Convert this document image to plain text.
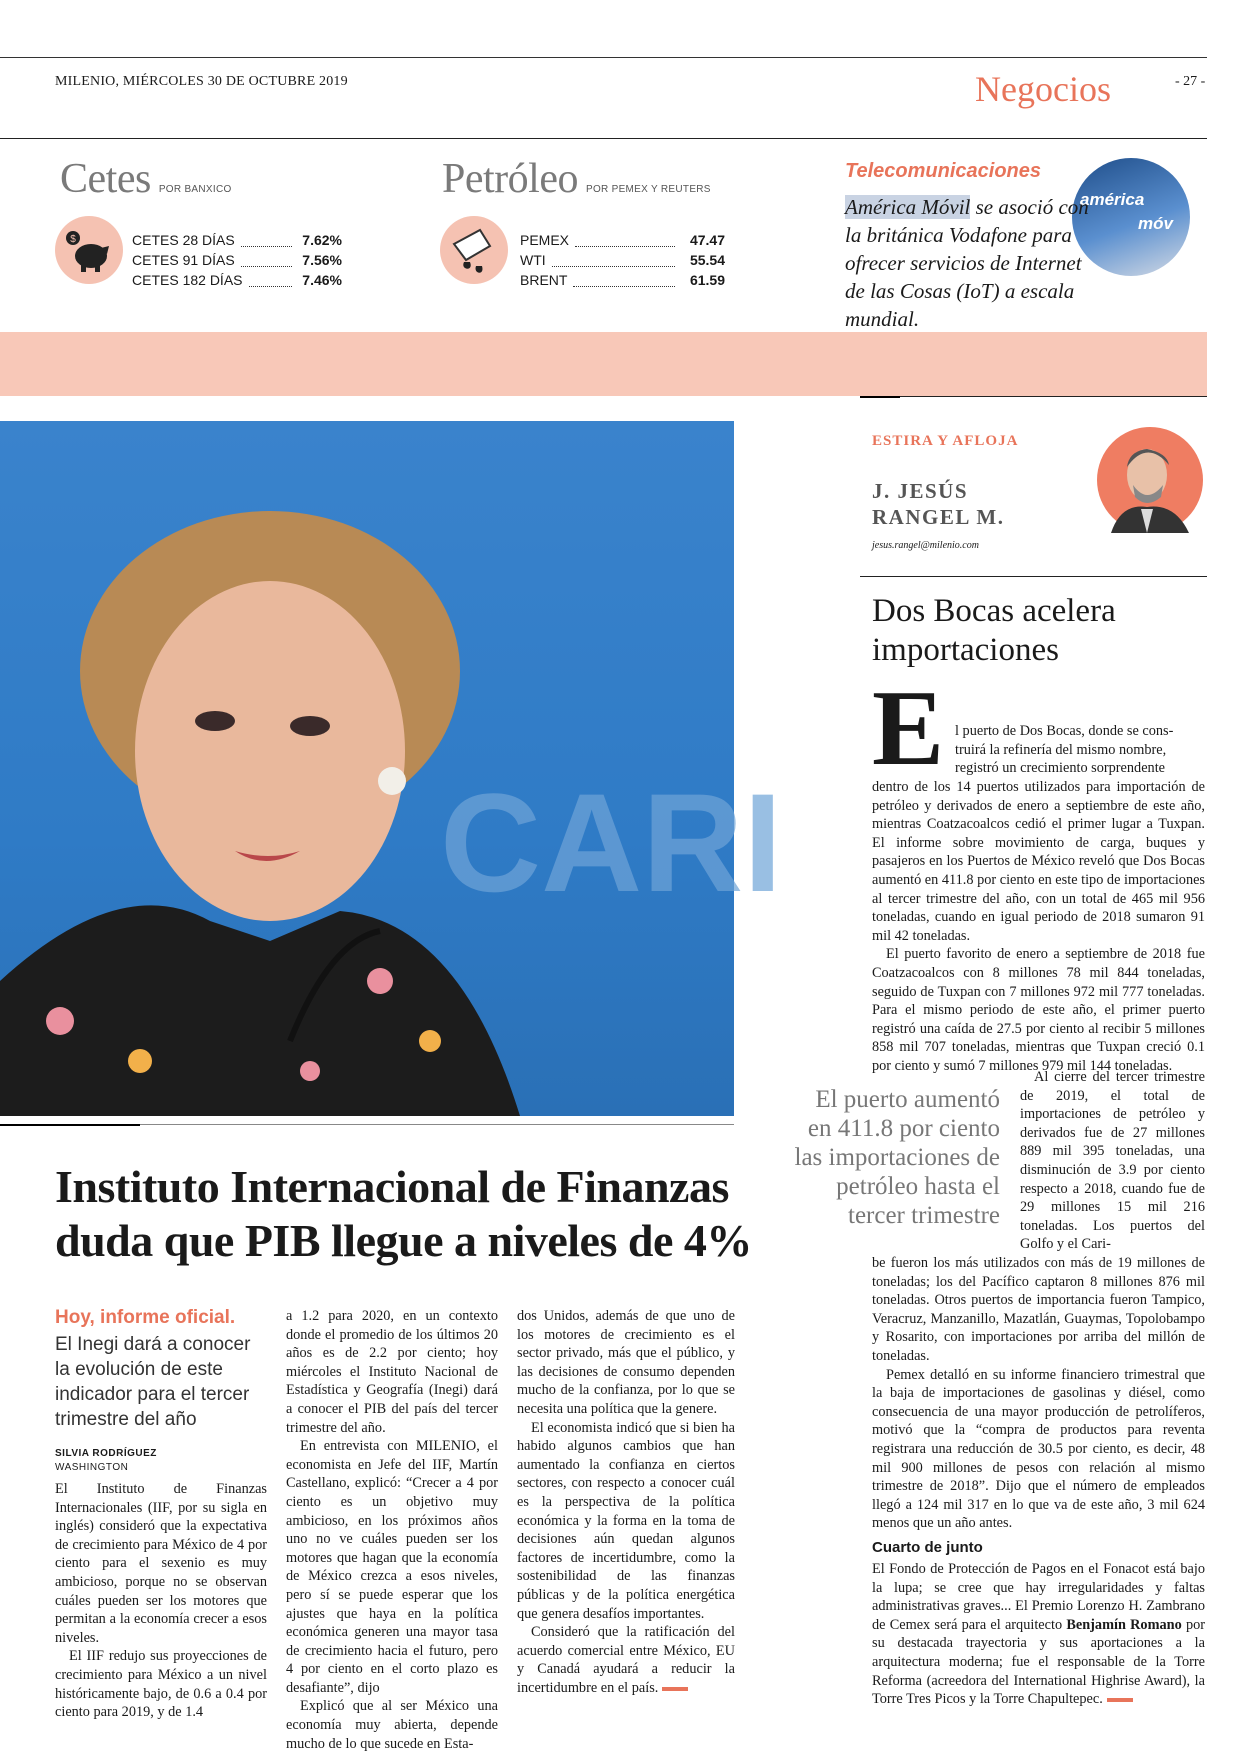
MILENIO, MIÉRCOLES 30 DE OCTUBRE 2019	Negocios	- 27 -
Cetes POR BANXICO
$	CETES 28 DÍAS	7.62%
CETES 91 DÍAS	7.56%
CETES 182 DÍAS	7.46%
Petróleo POR PEMEX Y REUTERS
PEMEX	47.47
WTI	55.54
BRENT	61.59
Telecomunicaciones
américa
móv
América Móvil se asoció con la británica Vodafone para ofrecer servicios de Internet de las Cosas (IoT) a escala mundial.
CARI
Instituto Internacional de Finanzas duda que PIB llegue a niveles de 4%
Hoy, informe oficial.
El Inegi dará a conocer la evolución de este indicador para el tercer trimestre del año
SILVIA RODRÍGUEZ
WASHINGTON

El Instituto de Finanzas Internacionales (IIF, por su sigla en inglés) consideró que la expectativa de crecimiento para México de 4 por ciento para el sexenio es muy ambicioso, porque no se observan cuáles pueden ser los motores que permitan a la economía crecer a esos niveles.

El IIF redujo sus proyecciones de crecimiento para México a un nivel históricamente bajo, de 0.6 a 0.4 por ciento para 2019, y de 1.4

a 1.2 para 2020, en un contexto donde el promedio de los últimos 20 años es de 2.2 por ciento; hoy miércoles el Instituto Nacional de Estadística y Geografía (Inegi) dará a conocer el PIB del país del tercer trimestre del año.

En entrevista con MILENIO, el economista en Jefe del IIF, Martín Castellano, explicó: “Crecer a 4 por ciento es un objetivo muy ambicioso, en los próximos años uno no ve cuáles pueden ser los motores que hagan que la economía de México crezca a esos niveles, pero sí se puede esperar que los ajustes que haya en la política económica generen una mayor tasa de crecimiento hacia el futuro, pero 4 por ciento en el corto plazo es desafiante”, dijo

Explicó que al ser México una economía muy abierta, depende mucho de lo que sucede en Esta-

dos Unidos, además de que uno de los motores de crecimiento es el sector privado, más que el público, y las decisiones de consumo dependen mucho de la confianza, por lo que se necesita una política que la genere.

El economista indicó que si bien ha habido algunos cambios que han aumentado la confianza en ciertos sectores, con respecto a conocer cuál es la perspectiva de la política económica y la forma en la toma de decisiones aún quedan algunos factores de incertidumbre, como la sostenibilidad de las finanzas públicas y de la política energética que genera desafíos importantes.

Consideró que la ratificación del acuerdo comercial entre México, EU y Canadá ayudará a reducir la incertidumbre en el país.

ESTIRA Y AFLOJA
J. JESÚS
RANGEL M.
jesus.rangel@milenio.com
Dos Bocas acelera importaciones
E l puerto de Dos Bocas, donde se cons-

truirá la refinería del mismo nombre,

registró un crecimiento sorprendente

dentro de los 14 puertos utilizados para importación de petróleo y derivados de enero a septiembre de este año, mientras Coatzacoalcos cedió el primer lugar a Tuxpan. El informe sobre movimiento de carga, buques y pasajeros en los Puertos de México reveló que Dos Bocas aumentó en 411.8 por ciento en este tipo de importaciones al tercer trimestre del año, con un total de 465 mil 956 toneladas, cuando en igual periodo de 2018 sumaron 91 mil 42 toneladas.

El puerto favorito de enero a septiembre de 2018 fue Coatzacoalcos con 8 millones 78 mil 844 toneladas, seguido de Tuxpan con 7 millones 972 mil 777 toneladas. Para el mismo periodo de este año, el primer puerto registró una caída de 27.5 por ciento al recibir 5 millones 858 mil 707 toneladas, mientras que Tuxpan creció 0.1 por ciento y sumó 7 millones 979 mil 144 toneladas.

El puerto aumentó en 411.8 por ciento las importaciones de petróleo hasta el tercer trimestre

Al cierre del tercer trimestre de 2019, el total de importaciones de petróleo y derivados fue de 27 millones 889 mil 395 toneladas, una disminución de 3.9 por ciento respecto a 2018, cuando fue de 29 millones 15 mil 216 toneladas. Los puertos del Golfo y el Cari-

be fueron los más utilizados con más de 19 millones de toneladas; los del Pacífico captaron 8 millones 876 mil toneladas. Otros puertos de importancia fueron Tampico, Veracruz, Manzanillo, Mazatlán, Guaymas, Topolobampo y Rosarito, con importaciones por arriba del millón de toneladas.

Pemex detalló en su informe financiero trimestral que la baja de importaciones de gasolinas y diésel, como consecuencia de una mayor producción de petrolíferos, motivó que la “compra de productos para reventa registrara una reducción de 30.5 por ciento, es decir, 48 mil 900 millones de pesos con relación al mismo trimestre de 2018”. Dijo que el número de empleados llegó a 124 mil 317 en lo que va de este año, 3 mil 624 menos que un año antes.

Cuarto de junto

El Fondo de Protección de Pagos en el Fonacot está bajo la lupa; se cree que hay irregularidades y faltas administrativas graves... El Premio Lorenzo H. Zambrano de Cemex será para el arquitecto Benjamín Romano por su destacada trayectoria y sus aportaciones a la arquitectura moderna; fue el responsable de la Torre Reforma (acreedora del International Highrise Award), la Torre Tres Picos y la Torre Chapultepec.
